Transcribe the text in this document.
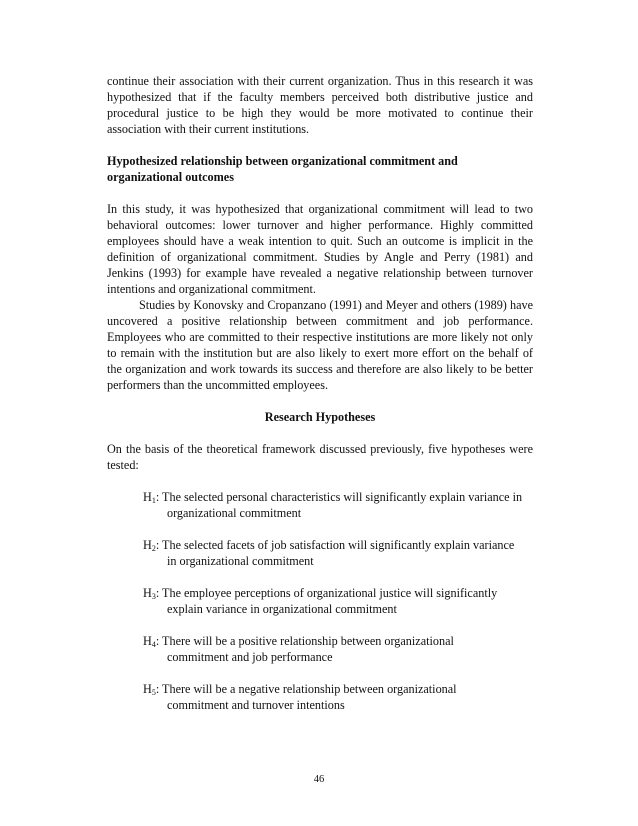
continue their association with their current organization. Thus in this research it was hypothesized that if the faculty members perceived both distributive justice and procedural justice to be high they would be more motivated to continue their association with their current institutions.

Hypothesized relationship between organizational commitment and organizational outcomes

In this study, it was hypothesized that organizational commitment will lead to two behavioral outcomes: lower turnover and higher performance. Highly committed employees should have a weak intention to quit. Such an outcome is implicit in the definition of organizational commitment. Studies by Angle and Perry (1981) and Jenkins (1993) for example have revealed a negative relationship between turnover intentions and organizational commitment.

Studies by Konovsky and Cropanzano (1991) and Meyer and others (1989) have uncovered a positive relationship between commitment and job performance. Employees who are committed to their respective institutions are more likely not only to remain with the institution but are also likely to exert more effort on the behalf of the organization and work towards its success and therefore are also likely to be better performers than the uncommitted employees.

Research Hypotheses

On the basis of the theoretical framework discussed previously, five hypotheses were tested:

$H_1$: The selected personal characteristics will significantly explain variance in
organizational commitment

$H_2$: The selected facets of job satisfaction will significantly explain variance
in organizational commitment

$H_3$: The employee perceptions of organizational justice will significantly
explain variance in organizational commitment

$H_4$: There will be a positive relationship between organizational
commitment and job performance

$H_5$: There will be a negative relationship between organizational
commitment and turnover intentions

46
